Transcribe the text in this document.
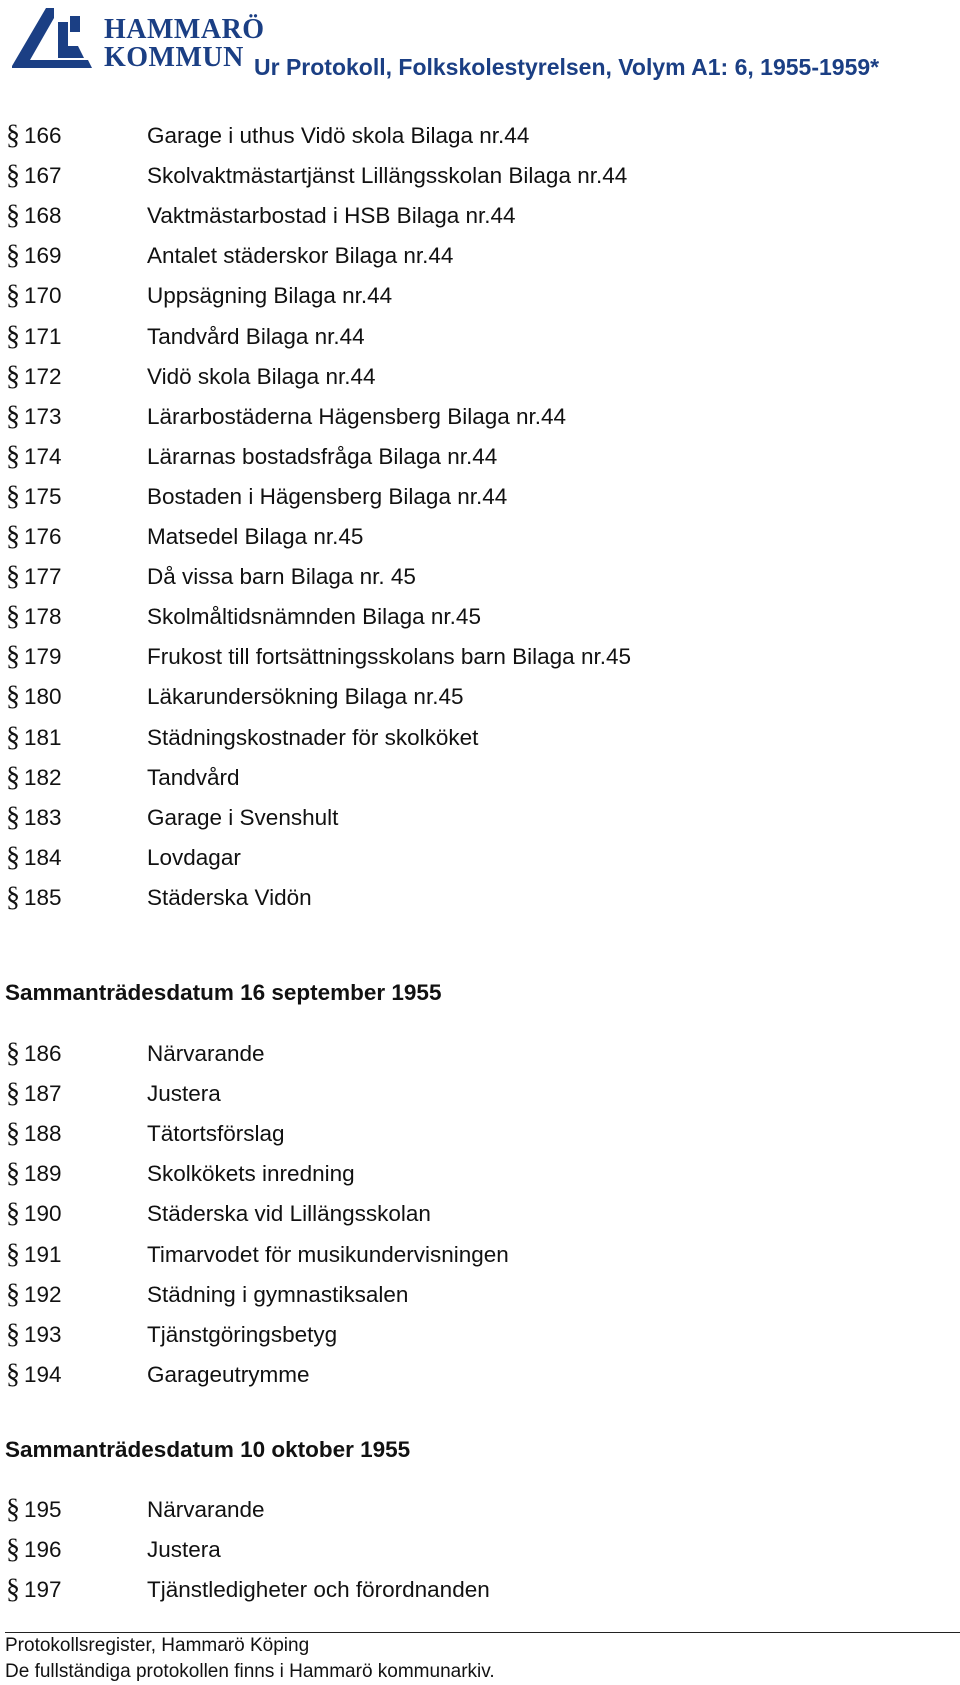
HAMMARÖ
KOMMUN Ur Protokoll, Folkskolestyrelsen, Volym A1: 6, 1955-1959*
§ 166	Garage i uthus Vidö skola Bilaga nr.44
§ 167	Skolvaktmästartjänst Lillängsskolan Bilaga nr.44
§ 168	Vaktmästarbostad i HSB Bilaga nr.44
§ 169	Antalet städerskor Bilaga nr.44
§ 170	Uppsägning Bilaga nr.44
§ 171	Tandvård Bilaga nr.44
§ 172	Vidö skola Bilaga nr.44
§ 173	Lärarbostäderna Hägensberg Bilaga nr.44
§ 174	Lärarnas bostadsfråga Bilaga nr.44
§ 175	Bostaden i Hägensberg Bilaga nr.44
§ 176	Matsedel Bilaga nr.45
§ 177	Då vissa barn Bilaga nr. 45
§ 178	Skolmåltidsnämnden Bilaga nr.45
§ 179	Frukost till fortsättningsskolans barn Bilaga nr.45
§ 180	Läkarundersökning Bilaga nr.45
§ 181	Städningskostnader för skolköket
§ 182	Tandvård
§ 183	Garage i Svenshult
§ 184	Lovdagar
§ 185	Städerska Vidön
Sammanträdesdatum 16 september 1955
§ 186	Närvarande
§ 187	Justera
§ 188	Tätortsförslag
§ 189	Skolkökets inredning
§ 190	Städerska vid Lillängsskolan
§ 191	Timarvodet för musikundervisningen
§ 192	Städning i gymnastiksalen
§ 193	Tjänstgöringsbetyg
§ 194	Garageutrymme
Sammanträdesdatum 10 oktober 1955
§ 195	Närvarande
§ 196	Justera
§ 197	Tjänstledigheter och förordnanden
Protokollsregister, Hammarö Köping
De fullständiga protokollen finns i Hammarö kommunarkiv.
